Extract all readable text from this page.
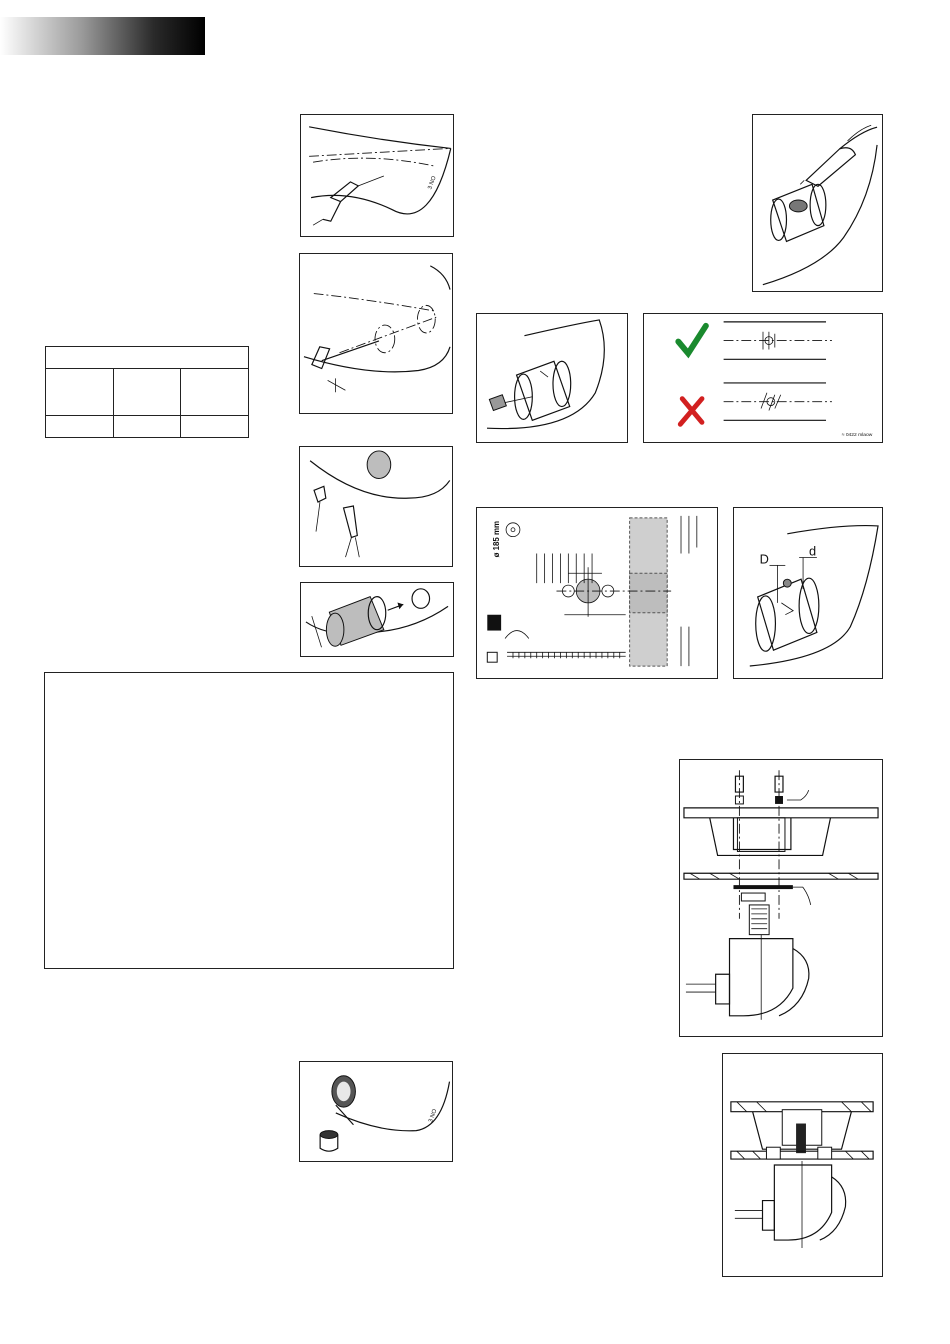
3 NO

3 NO
≈ 0422 mlaow
ø 185 mm
D
d
